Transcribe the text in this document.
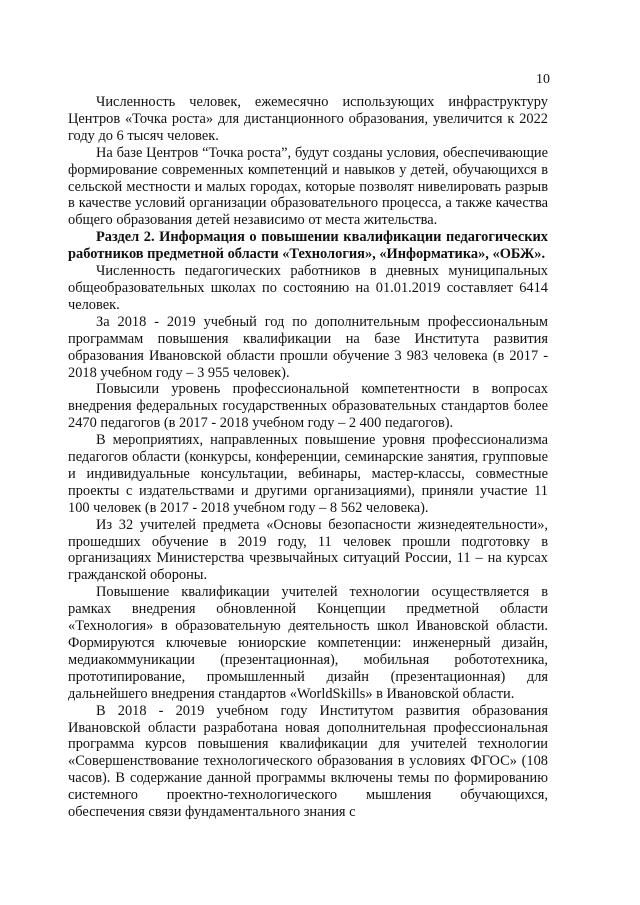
10

Численность человек, ежемесячно использующих инфраструктуру Центров «Точка роста» для дистанционного образования, увеличится к 2022 году до 6 тысяч человек.

На базе Центров “Точка роста”, будут созданы условия, обеспечивающие формирование современных компетенций и навыков у детей, обучающихся в сельской местности и малых городах, которые позволят нивелировать разрыв в качестве условий организации образовательного процесса, а также качества общего образования детей независимо от места жительства.

Раздел 2. Информация о повышении квалификации педагогических работников предметной области «Технология», «Информатика», «ОБЖ».

Численность педагогических работников в дневных муниципальных общеобразовательных школах по состоянию на 01.01.2019 составляет 6414 человек.

За 2018 - 2019 учебный год по дополнительным профессиональным программам повышения квалификации на базе Института развития образования Ивановской области прошли обучение 3 983 человека (в 2017 - 2018 учебном году – 3 955 человек).

Повысили уровень профессиональной компетентности в вопросах внедрения федеральных государственных образовательных стандартов более 2470 педагогов (в 2017 - 2018 учебном году – 2 400 педагогов).

В мероприятиях, направленных повышение уровня профессионализма педагогов области (конкурсы, конференции, семинарские занятия, групповые и индивидуальные консультации, вебинары, мастер-классы, совместные проекты с издательствами и другими организациями), приняли участие 11 100 человек (в 2017 - 2018 учебном году – 8 562 человека).

Из 32 учителей предмета «Основы безопасности жизнедеятельности», прошедших обучение в 2019 году, 11 человек прошли подготовку в организациях Министерства чрезвычайных ситуаций России, 11 – на курсах гражданской обороны.

Повышение квалификации учителей технологии осуществляется в рамках внедрения обновленной Концепции предметной области «Технология» в образовательную деятельность школ Ивановской области. Формируются ключевые юниорские компетенции: инженерный дизайн, медиакоммуникации (презентационная), мобильная робототехника, прототипирование, промышленный дизайн (презентационная) для дальнейшего внедрения стандартов «WorldSkills» в Ивановской области.

В 2018 - 2019 учебном году Институтом развития образования Ивановской области разработана новая дополнительная профессиональная программа курсов повышения квалификации для учителей технологии «Совершенствование технологического образования в условиях ФГОС» (108 часов). В содержание данной программы включены темы по формированию системного проектно-технологического мышления обучающихся, обеспечения связи фундаментального знания с
